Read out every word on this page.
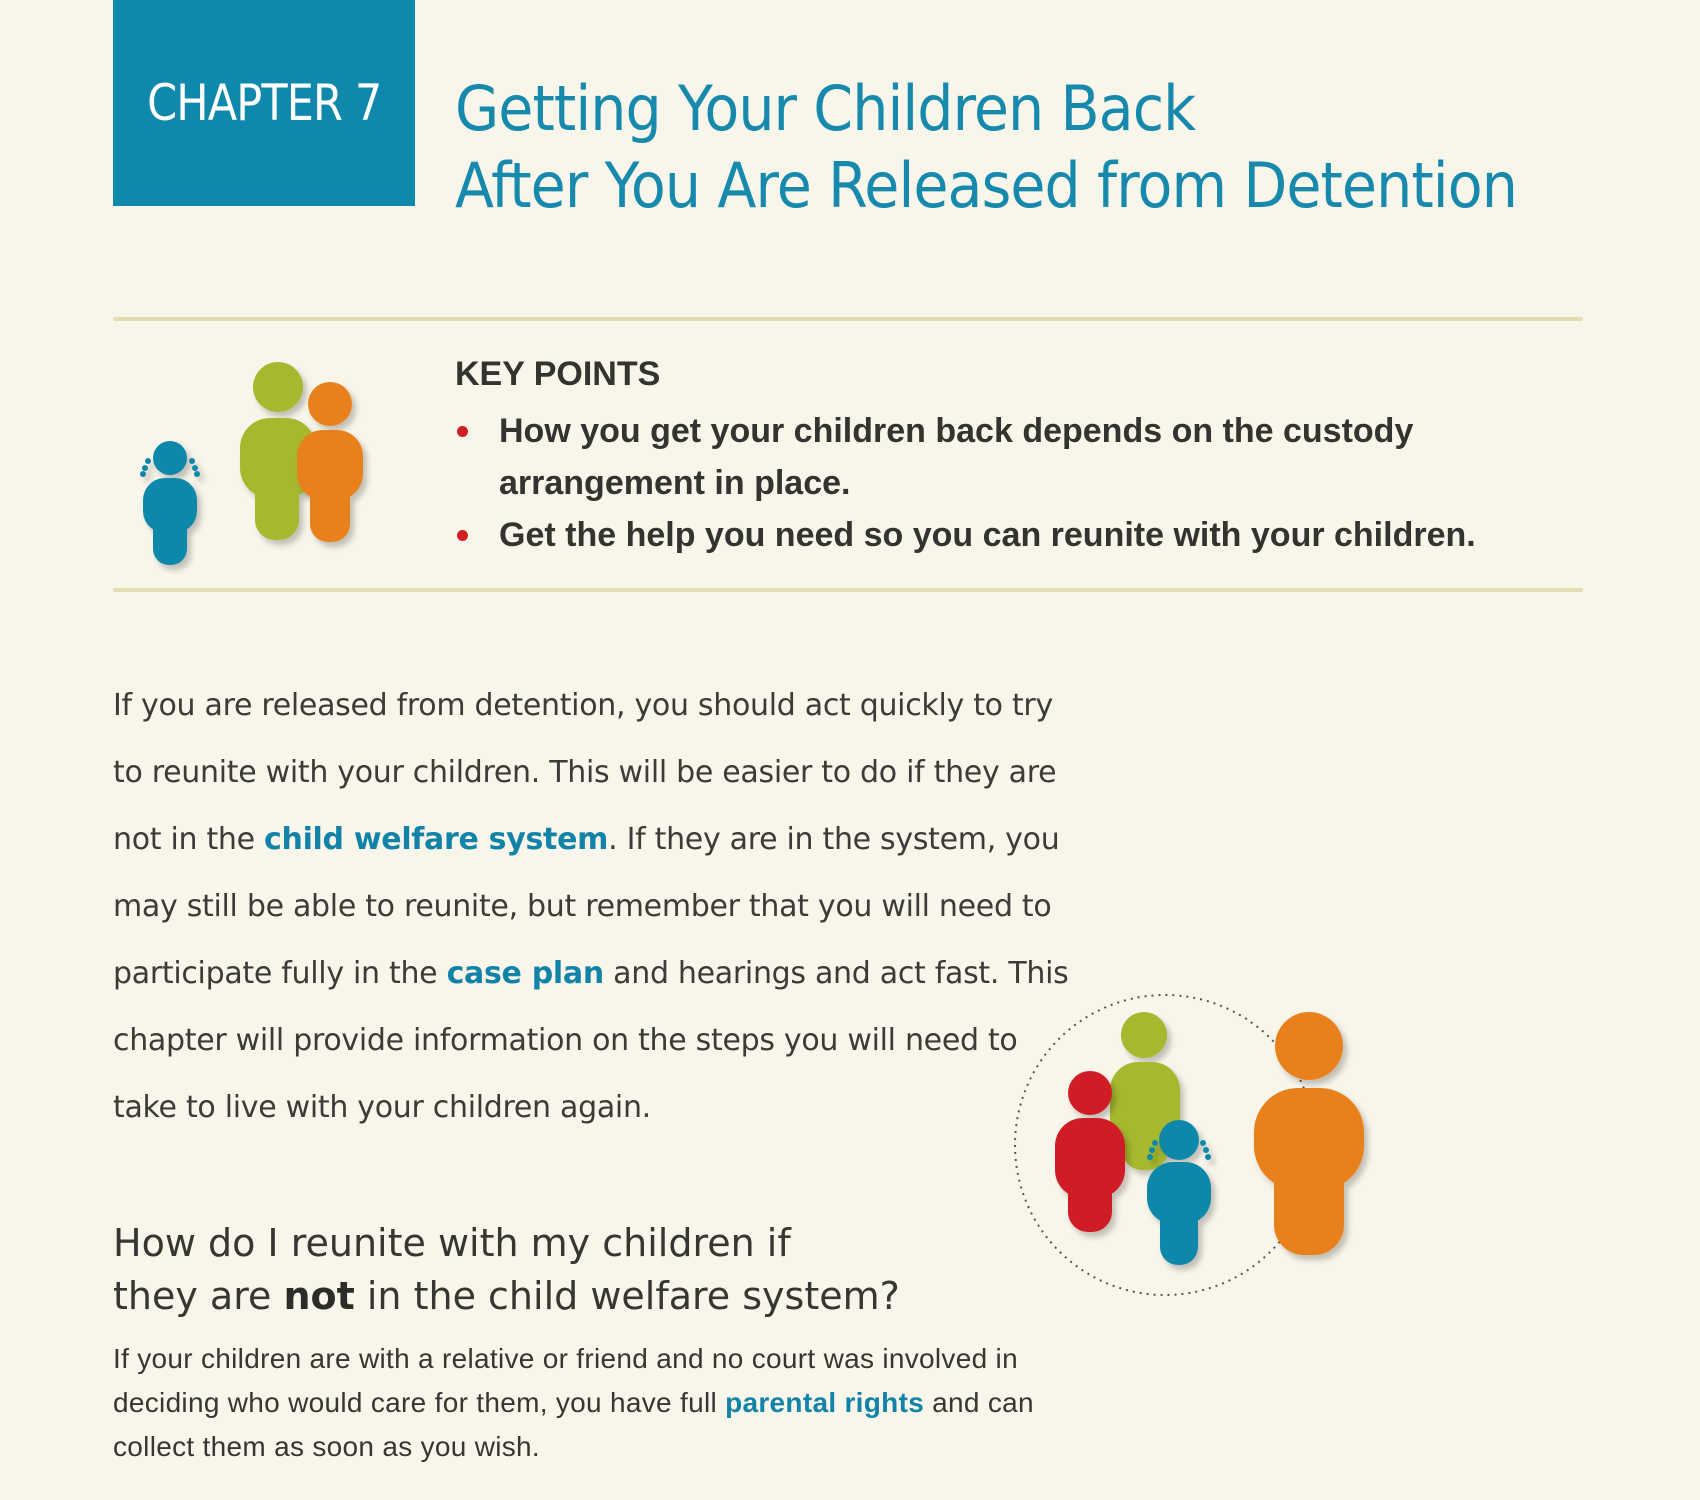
CHAPTER 7 Getting Your Children Back
After You Are Released from Detention
KEY POINTS
How you get your children back depends on the custody arrangement in place.
Get the help you need so you can reunite with your children.

If you are released from detention, you should act quickly to try to reunite with your children. This will be easier to do if they are not in the child welfare system. If they are in the system, you may still be able to reunite, but remember that you will need to participate fully in the case plan and hearings and act fast. This chapter will provide information on the steps you will need to take to live with your children again.

How do I reunite with my children if
they are not in the child welfare system?

If your children are with a relative or friend and no court was involved in deciding who would care for them, you have full parental rights and can collect them as soon as you wish.
